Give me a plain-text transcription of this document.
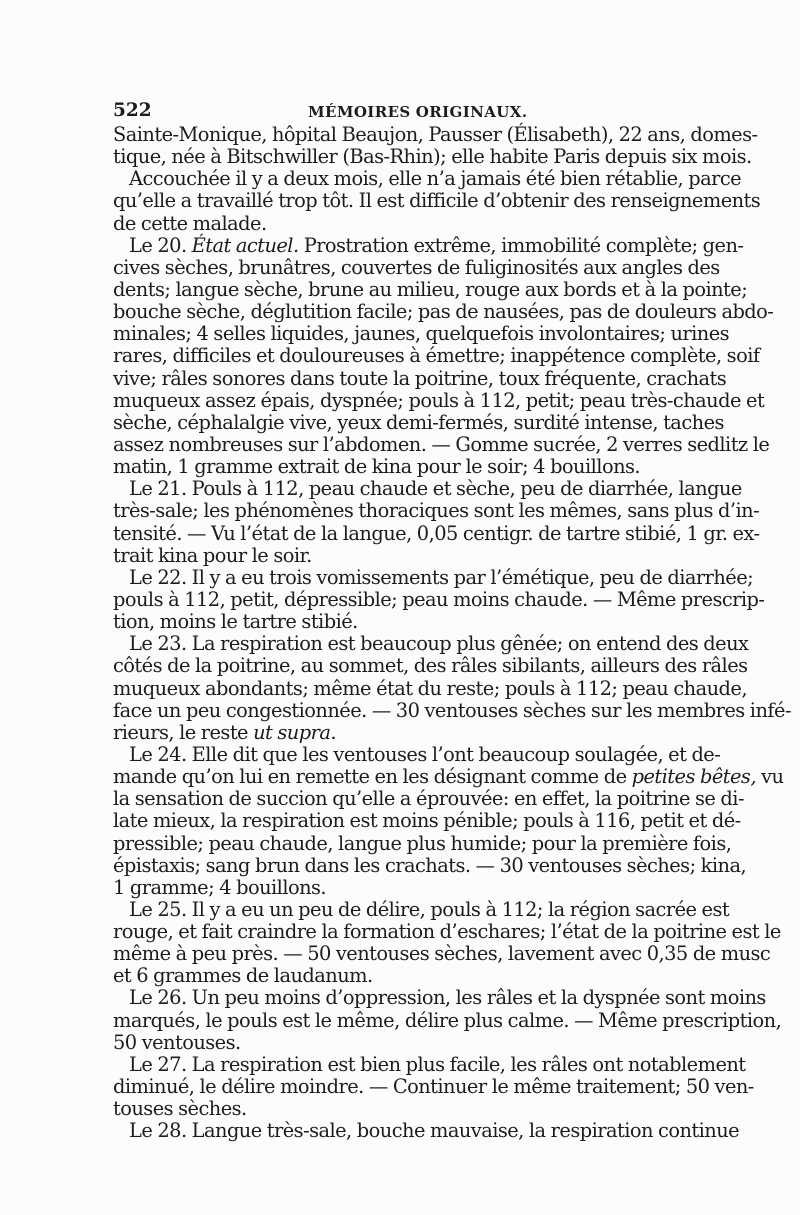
522	MÉMOIRES ORIGINAUX.
Sainte-Monique, hôpital Beaujon, Pausser (Élisabeth), 22 ans, domes-
tique, née à Bitschwiller (Bas-Rhin); elle habite Paris depuis six mois.
Accouchée il y a deux mois, elle n’a jamais été bien rétablie, parce
qu’elle a travaillé trop tôt. Il est difficile d’obtenir des renseignements
de cette malade.
Le 20. État actuel. Prostration extrême, immobilité complète; gen-
cives sèches, brunâtres, couvertes de fuliginosités aux angles des
dents; langue sèche, brune au milieu, rouge aux bords et à la pointe;
bouche sèche, déglutition facile; pas de nausées, pas de douleurs abdo-
minales; 4 selles liquides, jaunes, quelquefois involontaires; urines
rares, difficiles et douloureuses à émettre; inappétence complète, soif
vive; râles sonores dans toute la poitrine, toux fréquente, crachats
muqueux assez épais, dyspnée; pouls à 112, petit; peau très-chaude et
sèche, céphalalgie vive, yeux demi-fermés, surdité intense, taches
assez nombreuses sur l’abdomen. — Gomme sucrée, 2 verres sedlitz le
matin, 1 gramme extrait de kina pour le soir; 4 bouillons.
Le 21. Pouls à 112, peau chaude et sèche, peu de diarrhée, langue
très-sale; les phénomènes thoraciques sont les mêmes, sans plus d’in-
tensité. — Vu l’état de la langue, 0,05 centigr. de tartre stibié, 1 gr. ex-
trait kina pour le soir.
Le 22. Il y a eu trois vomissements par l’émétique, peu de diarrhée;
pouls à 112, petit, dépressible; peau moins chaude. — Même prescrip-
tion, moins le tartre stibié.
Le 23. La respiration est beaucoup plus gênée; on entend des deux
côtés de la poitrine, au sommet, des râles sibilants, ailleurs des râles
muqueux abondants; même état du reste; pouls à 112; peau chaude,
face un peu congestionnée. — 30 ventouses sèches sur les membres infé-
rieurs, le reste ut supra.
Le 24. Elle dit que les ventouses l’ont beaucoup soulagée, et de-
mande qu’on lui en remette en les désignant comme de petites bêtes, vu
la sensation de succion qu’elle a éprouvée: en effet, la poitrine se di-
late mieux, la respiration est moins pénible; pouls à 116, petit et dé-
pressible; peau chaude, langue plus humide; pour la première fois,
épistaxis; sang brun dans les crachats. — 30 ventouses sèches; kina,
1 gramme; 4 bouillons.
Le 25. Il y a eu un peu de délire, pouls à 112; la région sacrée est
rouge, et fait craindre la formation d’eschares; l’état de la poitrine est le
même à peu près. — 50 ventouses sèches, lavement avec 0,35 de musc
et 6 grammes de laudanum.
Le 26. Un peu moins d’oppression, les râles et la dyspnée sont moins
marqués, le pouls est le même, délire plus calme. — Même prescription,
50 ventouses.
Le 27. La respiration est bien plus facile, les râles ont notablement
diminué, le délire moindre. — Continuer le même traitement; 50 ven-
touses sèches.
Le 28. Langue très-sale, bouche mauvaise, la respiration continue
